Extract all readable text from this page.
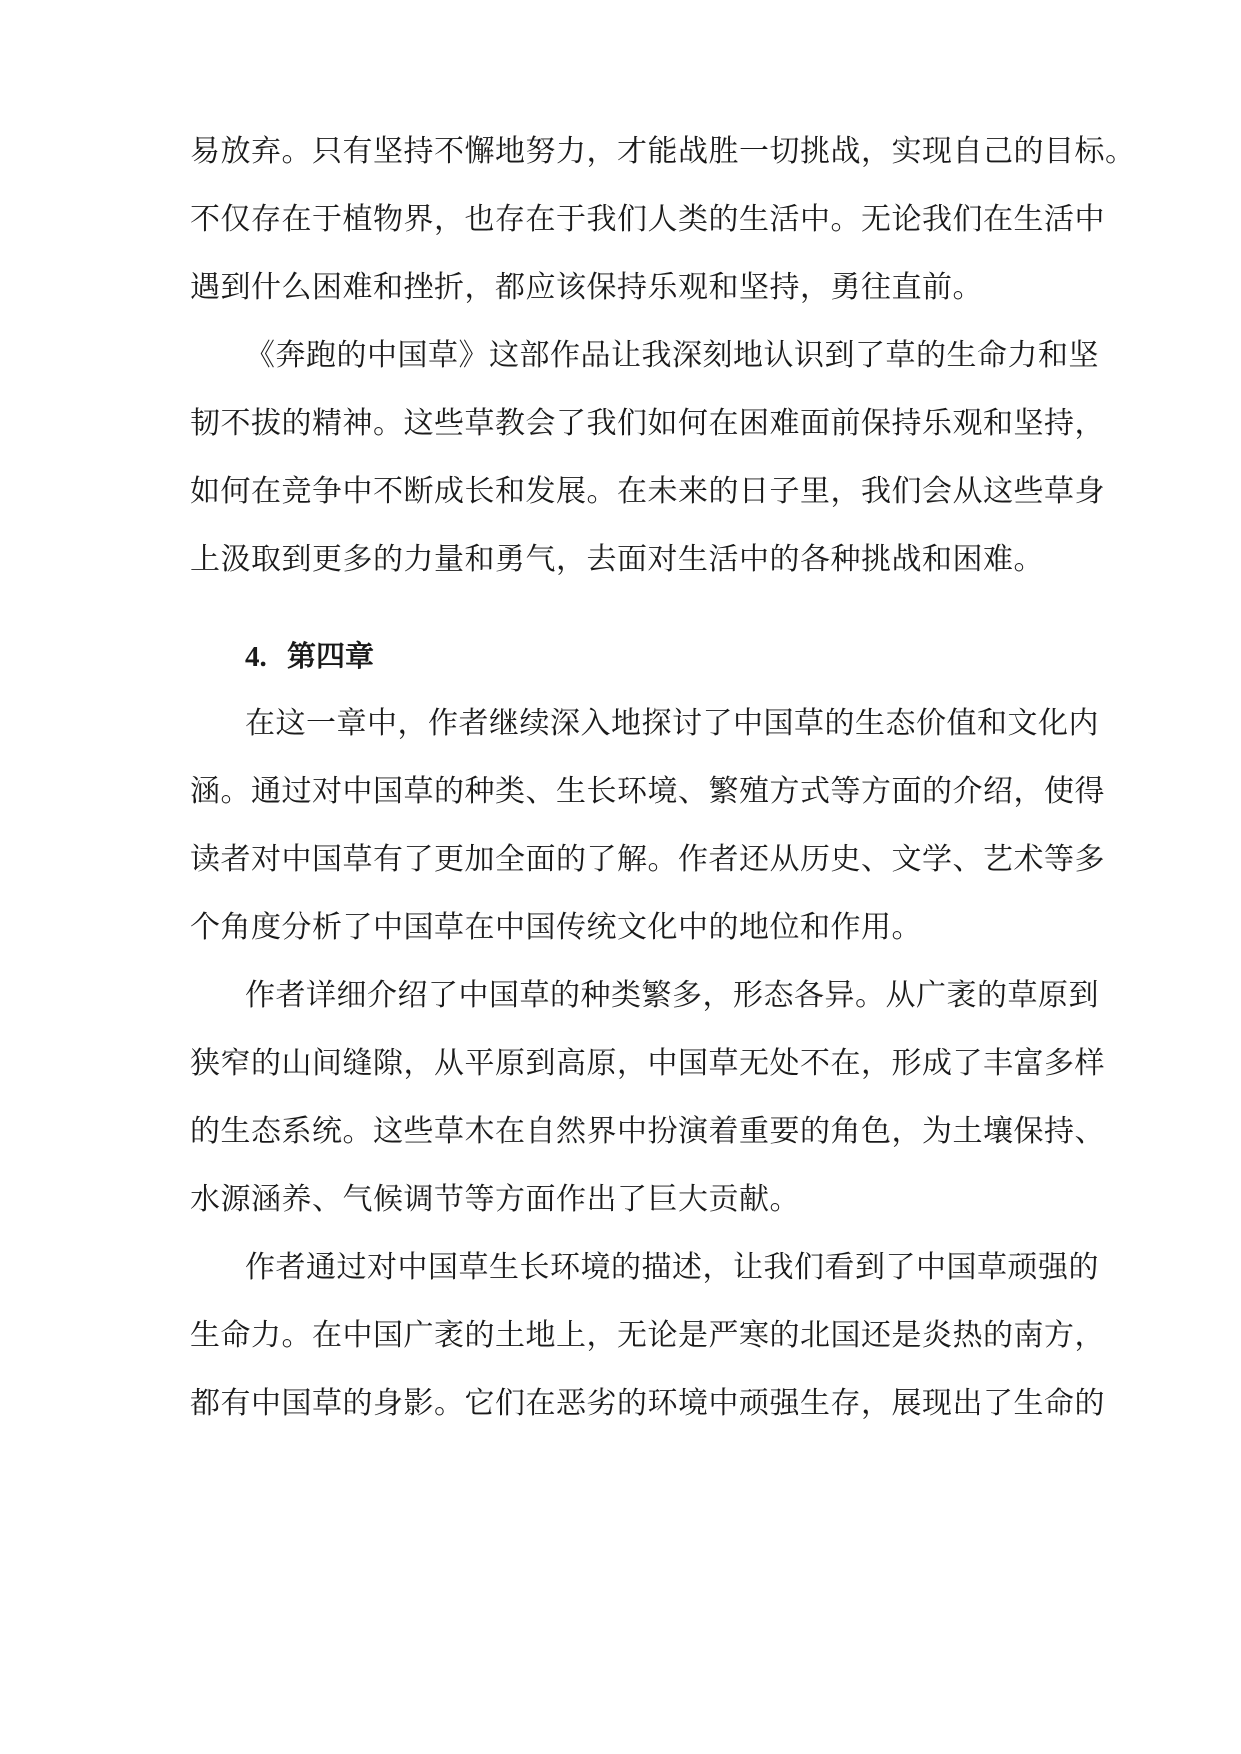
易放弃。只有坚持不懈地努力，才能战胜一切挑战，实现自己的目标。
不仅存在于植物界，也存在于我们人类的生活中。无论我们在生活中
遇到什么困难和挫折，都应该保持乐观和坚持，勇往直前。
《奔跑的中国草》这部作品让我深刻地认识到了草的生命力和坚
韧不拔的精神。这些草教会了我们如何在困难面前保持乐观和坚持，
如何在竞争中不断成长和发展。在未来的日子里，我们会从这些草身
上汲取到更多的力量和勇气，去面对生活中的各种挑战和困难。
4. 第四章
在这一章中，作者继续深入地探讨了中国草的生态价值和文化内
涵。通过对中国草的种类、生长环境、繁殖方式等方面的介绍，使得
读者对中国草有了更加全面的了解。作者还从历史、文学、艺术等多
个角度分析了中国草在中国传统文化中的地位和作用。
作者详细介绍了中国草的种类繁多，形态各异。从广袤的草原到
狭窄的山间缝隙，从平原到高原，中国草无处不在，形成了丰富多样
的生态系统。这些草木在自然界中扮演着重要的角色，为土壤保持、
水源涵养、气候调节等方面作出了巨大贡献。
作者通过对中国草生长环境的描述，让我们看到了中国草顽强的
生命力。在中国广袤的土地上，无论是严寒的北国还是炎热的南方，
都有中国草的身影。它们在恶劣的环境中顽强生存，展现出了生命的
